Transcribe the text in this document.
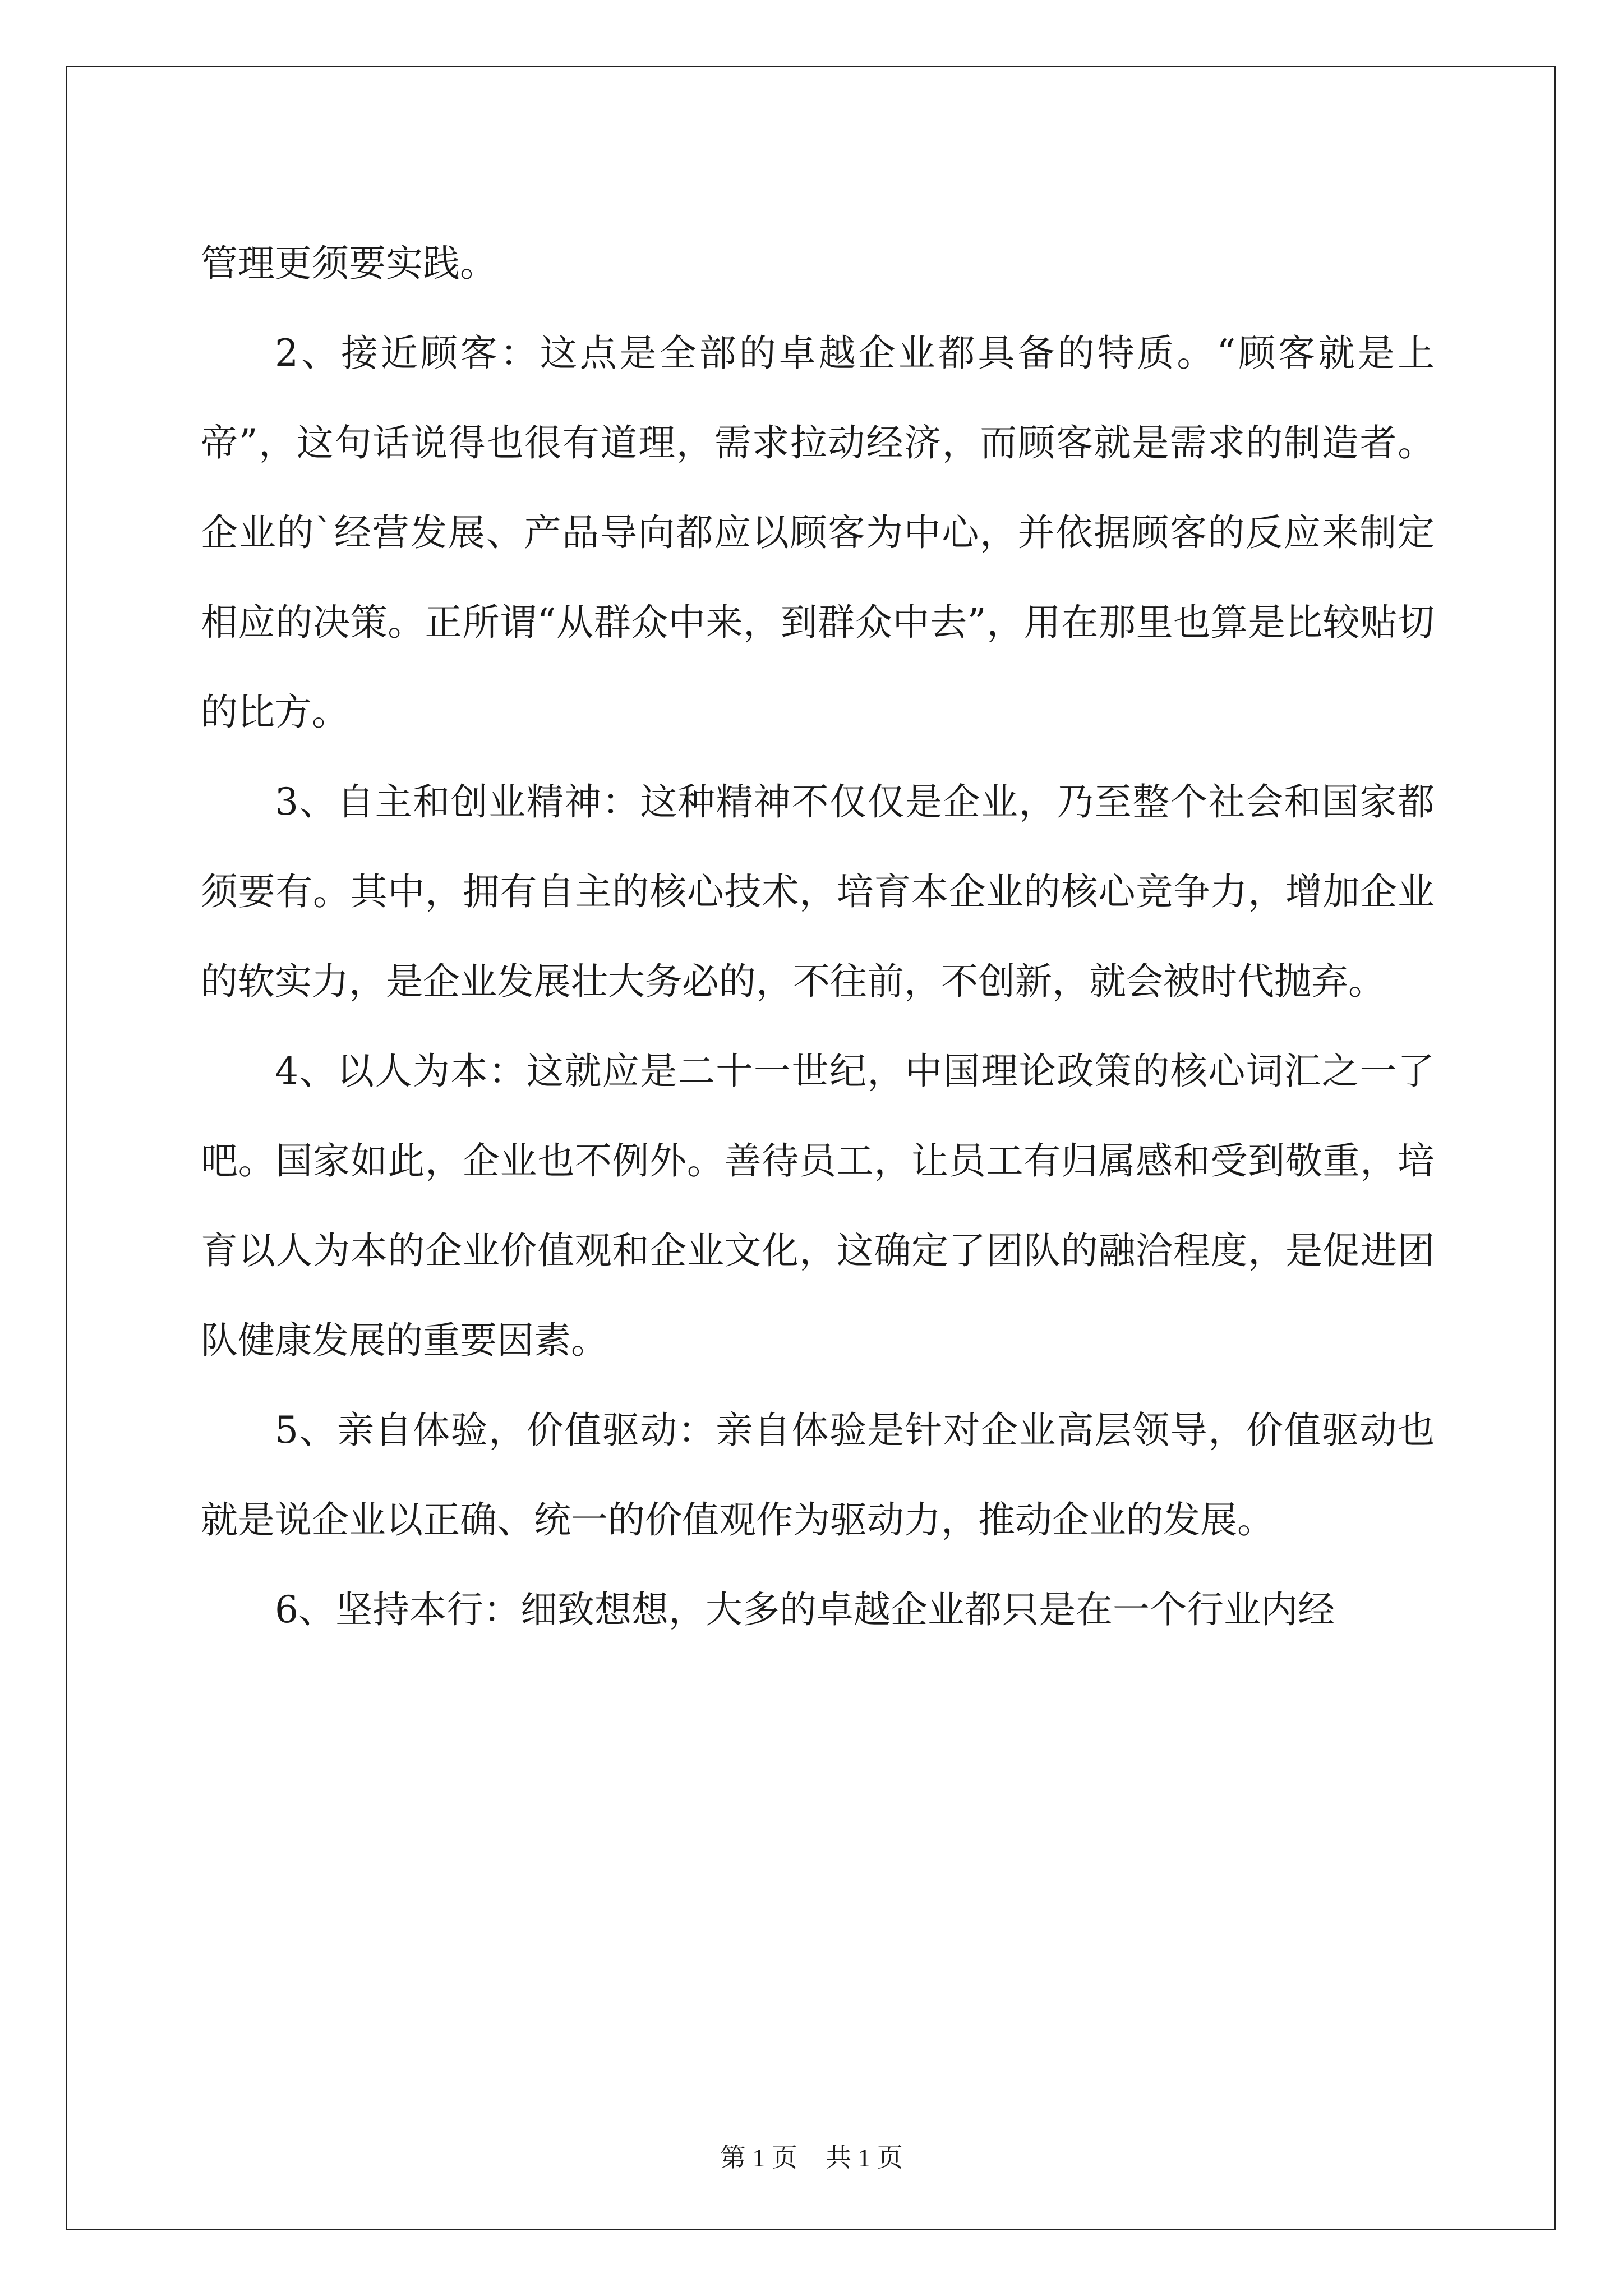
管理更须要实践。

2、接近顾客：这点是全部的卓越企业都具备的特质。“顾客就是上帝”，这句话说得也很有道理，需求拉动经济，而顾客就是需求的制造者。企业的`经营发展、产品导向都应以顾客为中心，并依据顾客的反应来制定相应的决策。正所谓“从群众中来，到群众中去”，用在那里也算是比较贴切的比方。

3、自主和创业精神：这种精神不仅仅是企业，乃至整个社会和国家都须要有。其中，拥有自主的核心技术，培育本企业的核心竞争力，增加企业的软实力，是企业发展壮大务必的，不往前，不创新，就会被时代抛弃。

4、以人为本：这就应是二十一世纪，中国理论政策的核心词汇之一了吧。国家如此，企业也不例外。善待员工，让员工有归属感和受到敬重，培育以人为本的企业价值观和企业文化，这确定了团队的融洽程度，是促进团队健康发展的重要因素。

5、亲自体验，价值驱动：亲自体验是针对企业高层领导，价值驱动也就是说企业以正确、统一的价值观作为驱动力，推动企业的发展。

6、坚持本行：细致想想，大多的卓越企业都只是在一个行业内经

第 1 页 共 1 页
